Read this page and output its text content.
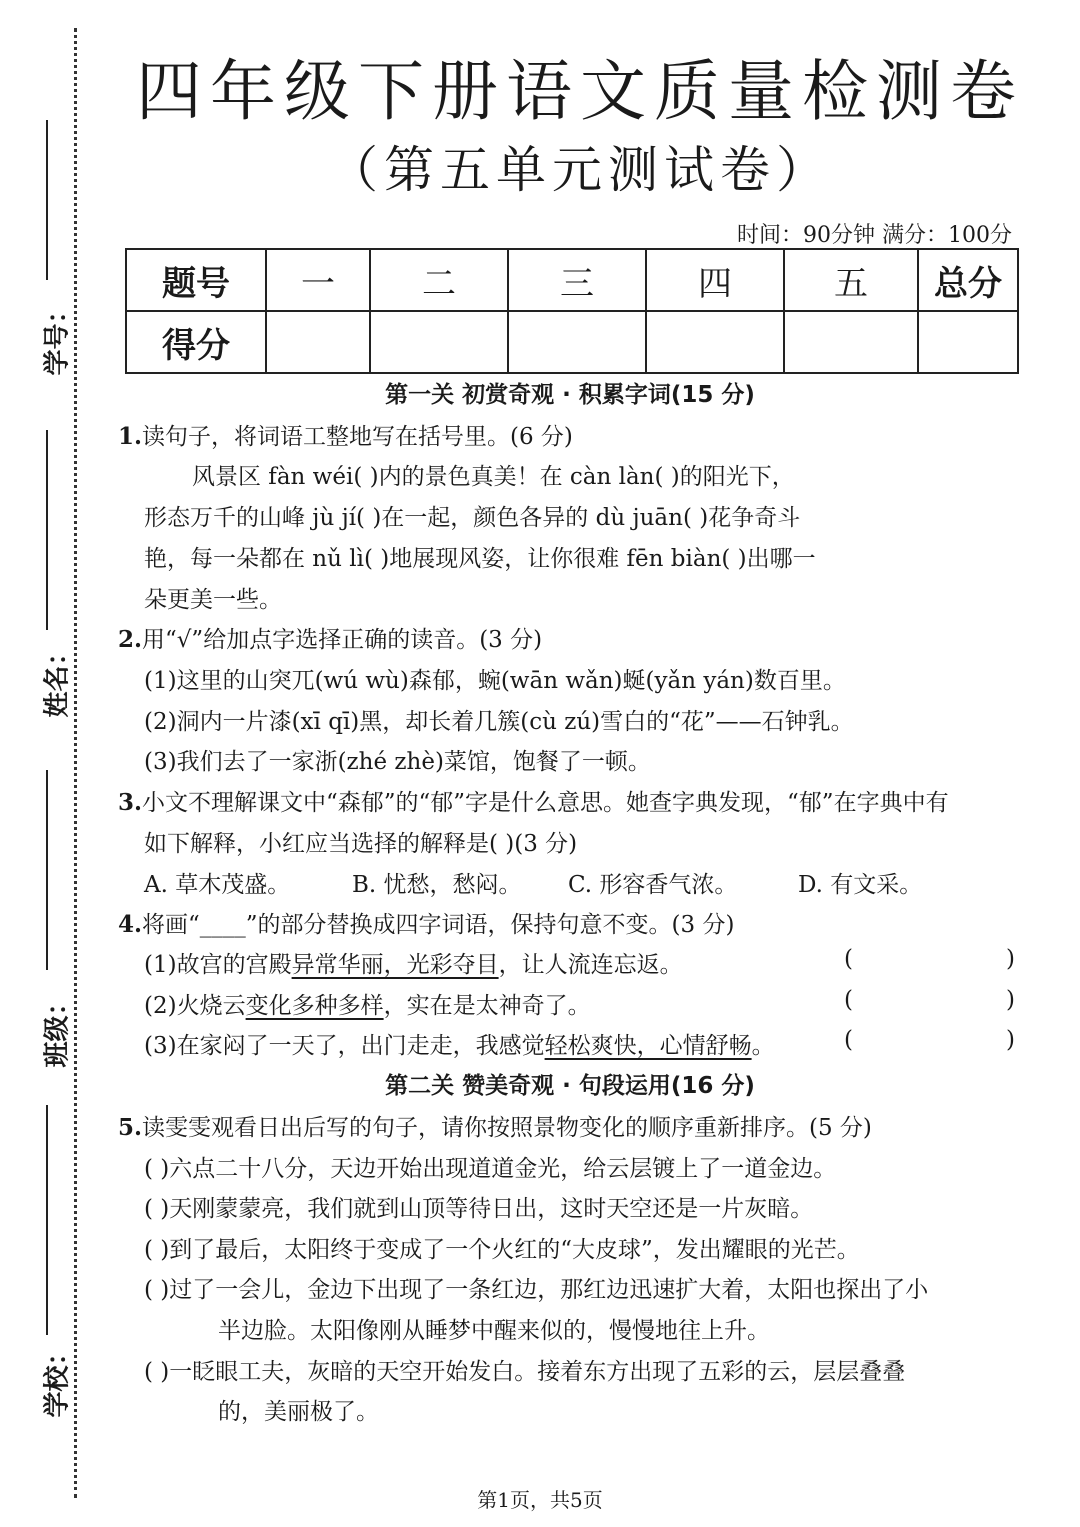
学号：
姓名：
班级：
学校：
四年级下册语文质量检测卷
（第五单元测试卷）
时间：90分钟 满分：100分
题号	一	二	三	四	五	总分
得分						
第一关 初赏奇观 · 积累字词(15 分)
1.读句子，将词语工整地写在括号里。(6 分)
风景区 fàn wéi( )内的景色真美！在 càn làn( )的阳光下，
形态万千的山峰 jù jí( )在一起，颜色各异的 dù juān( )花争奇斗
艳，每一朵都在 nǔ lì( )地展现风姿，让你很难 fēn biàn( )出哪一
朵更美一些。
2.用“√”给加点字选择正确的读音。(3 分)
(1)这里的山突兀(wú wù)森郁，蜿(wān wǎn)蜒(yǎn yán)数百里。
(2)洞内一片漆(xī qī)黑，却长着几簇(cù zú)雪白的“花”——石钟乳。
(3)我们去了一家浙(zhé zhè)菜馆，饱餐了一顿。
3.小文不理解课文中“森郁”的“郁”字是什么意思。她查字典发现，“郁”在字典中有
如下解释，小红应当选择的解释是( )(3 分)
A. 草木茂盛。	B. 忧愁，愁闷。 C. 形容香气浓。	D. 有文采。
4.将画“____”的部分替换成四字词语，保持句意不变。(3 分)
(1)故宫的宫殿异常华丽，光彩夺目，让人流连忘返。	(	)
(2)火烧云变化多种多样，实在是太神奇了。	(	)
(3)在家闷了一天了，出门走走，我感觉轻松爽快，心情舒畅。	(	)
第二关 赞美奇观 · 句段运用(16 分)
5.读雯雯观看日出后写的句子，请你按照景物变化的顺序重新排序。(5 分)
( )六点二十八分，天边开始出现道道金光，给云层镀上了一道金边。
( )天刚蒙蒙亮，我们就到山顶等待日出，这时天空还是一片灰暗。
( )到了最后，太阳终于变成了一个火红的“大皮球”，发出耀眼的光芒。
( )过了一会儿，金边下出现了一条红边，那红边迅速扩大着，太阳也探出了小
半边脸。太阳像刚从睡梦中醒来似的，慢慢地往上升。
( )一眨眼工夫，灰暗的天空开始发白。接着东方出现了五彩的云，层层叠叠
的，美丽极了。
第1页，共5页
